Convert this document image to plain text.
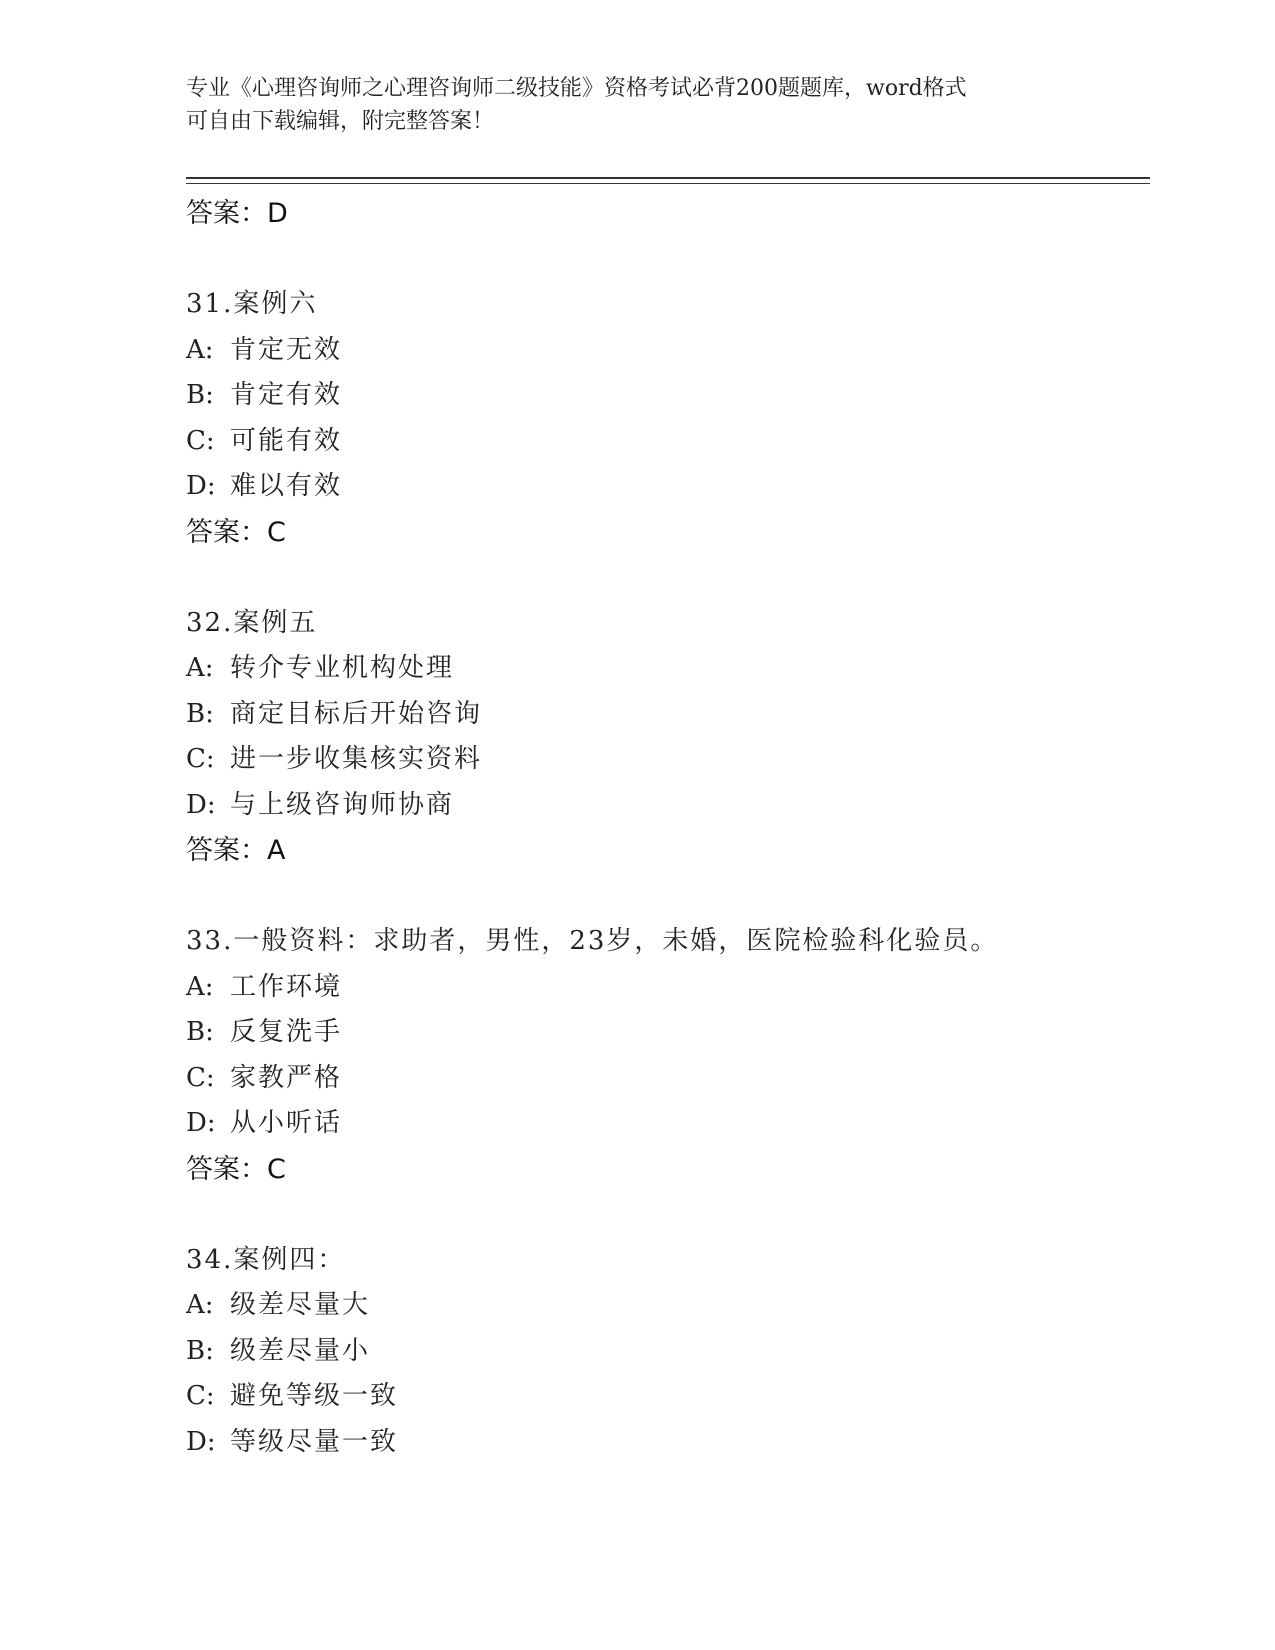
专业《心理咨询师之心理咨询师二级技能》资格考试必背200题题库，word格式
可自由下载编辑，附完整答案！
答案：D
31.案例六
A: 肯定无效
B: 肯定有效
C: 可能有效
D: 难以有效
答案：C
32.案例五
A: 转介专业机构处理
B: 商定目标后开始咨询
C: 进一步收集核实资料
D: 与上级咨询师协商
答案：A
33.一般资料：求助者，男性，23岁，未婚，医院检验科化验员。
A: 工作环境
B: 反复洗手
C: 家教严格
D: 从小听话
答案：C
34.案例四：
A: 级差尽量大
B: 级差尽量小
C: 避免等级一致
D: 等级尽量一致
